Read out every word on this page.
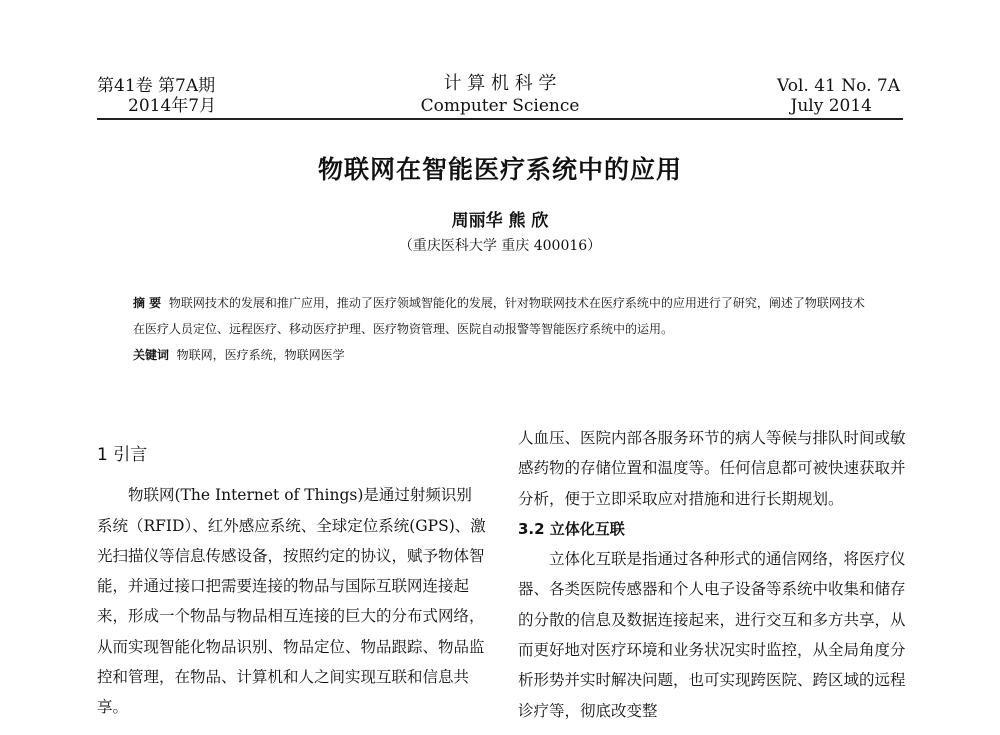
第41卷 第7A期
2014年7月
计 算 机 科 学
Computer Science
Vol. 41 No. 7A
July 2014
物联网在智能医疗系统中的应用
周丽华 熊 欣
（重庆医科大学 重庆 400016）
摘 要 物联网技术的发展和推广应用，推动了医疗领域智能化的发展，针对物联网技术在医疗系统中的应用进行了研究，阐述了物联网技术在医疗人员定位、远程医疗、移动医疗护理、医疗物资管理、医院自动报警等智能医疗系统中的运用。
关键词 物联网，医疗系统，物联网医学
1 引言

物联网(The Internet of Things)是通过射频识别系统（RFID）、红外感应系统、全球定位系统(GPS)、激光扫描仪等信息传感设备，按照约定的协议，赋予物体智能，并通过接口把需要连接的物品与国际互联网连接起来，形成一个物品与物品相互连接的巨大的分布式网络，从而实现智能化物品识别、物品定位、物品跟踪、物品监控和管理，在物品、计算机和人之间实现互联和信息共享。

人血压、医院内部各服务环节的病人等候与排队时间或敏感药物的存储位置和温度等。任何信息都可被快速获取并分析，便于立即采取应对措施和进行长期规划。

3.2 立体化互联

立体化互联是指通过各种形式的通信网络，将医疗仪器、各类医院传感器和个人电子设备等系统中收集和储存的分散的信息及数据连接起来，进行交互和多方共享，从而更好地对医疗环境和业务状况实时监控，从全局角度分析形势并实时解决问题，也可实现跨医院、跨区域的远程诊疗等，彻底改变整
